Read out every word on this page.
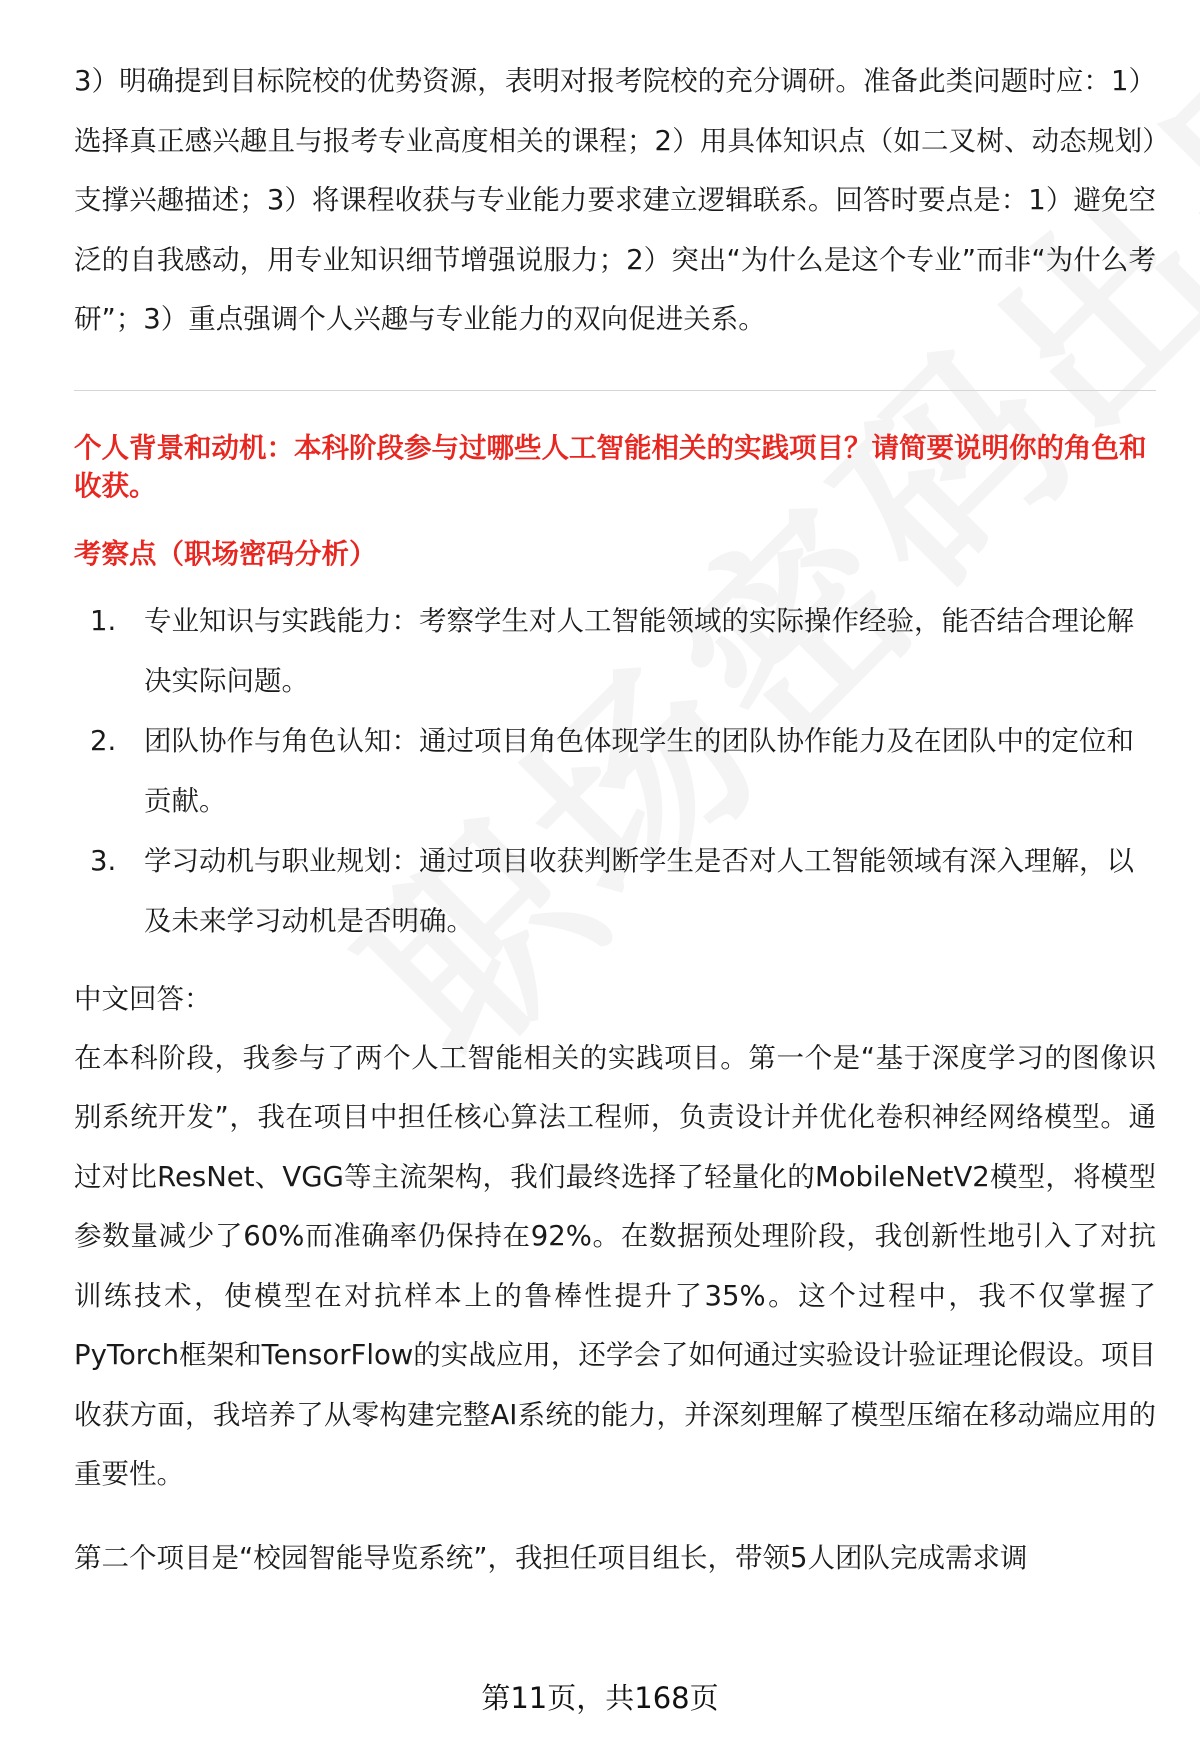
3）明确提到目标院校的优势资源，表明对报考院校的充分调研。准备此类问题时应：1）选择真正感兴趣且与报考专业高度相关的课程；2）用具体知识点（如二叉树、动态规划）支撑兴趣描述；3）将课程收获与专业能力要求建立逻辑联系。回答时要点是：1）避免空泛的自我感动，用专业知识细节增强说服力；2）突出“为什么是这个专业”而非“为什么考研”；3）重点强调个人兴趣与专业能力的双向促进关系。

个人背景和动机：本科阶段参与过哪些人工智能相关的实践项目？请简要说明你的角色和收获。

考察点（职场密码分析）

1. 专业知识与实践能力：考察学生对人工智能领域的实际操作经验，能否结合理论解决实际问题。
2. 团队协作与角色认知：通过项目角色体现学生的团队协作能力及在团队中的定位和贡献。
3. 学习动机与职业规划：通过项目收获判断学生是否对人工智能领域有深入理解，以及未来学习动机是否明确。

中文回答：

在本科阶段，我参与了两个人工智能相关的实践项目。第一个是“基于深度学习的图像识别系统开发”，我在项目中担任核心算法工程师，负责设计并优化卷积神经网络模型。通过对比ResNet、VGG等主流架构，我们最终选择了轻量化的MobileNetV2模型，将模型参数量减少了60%而准确率仍保持在92%。在数据预处理阶段，我创新性地引入了对抗训练技术，使模型在对抗样本上的鲁棒性提升了35%。这个过程中，我不仅掌握了PyTorch框架和TensorFlow的实战应用，还学会了如何通过实验设计验证理论假设。项目收获方面，我培养了从零构建完整AI系统的能力，并深刻理解了模型压缩在移动端应用的重要性。

第二个项目是“校园智能导览系统”，我担任项目组长，带领5人团队完成需求调

第11页，共168页
